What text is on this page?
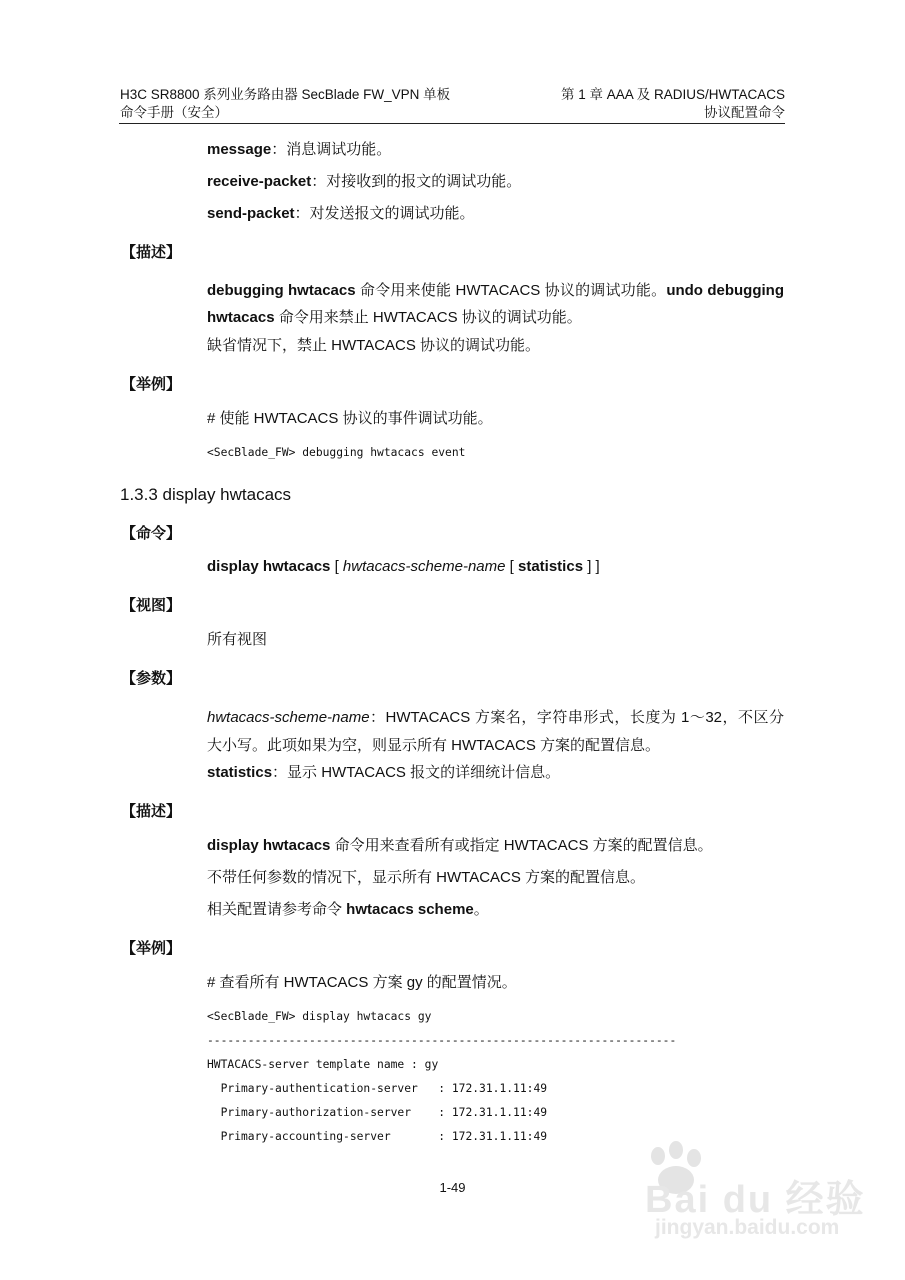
H3C SR8800 系列业务路由器 SecBlade FW_VPN 单板
命令手册（安全）
第 1 章 AAA 及 RADIUS/HWTACACS
协议配置命令
message：消息调试功能。
receive-packet：对接收到的报文的调试功能。
send-packet：对发送报文的调试功能。
【描述】
debugging hwtacacs 命令用来使能 HWTACACS 协议的调试功能。undo debugging hwtacacs 命令用来禁止 HWTACACS 协议的调试功能。
缺省情况下，禁止 HWTACACS 协议的调试功能。
【举例】
# 使能 HWTACACS 协议的事件调试功能。
<SecBlade_FW> debugging hwtacacs event
1.3.3 display hwtacacs
【命令】
display hwtacacs [ hwtacacs-scheme-name [ statistics ] ]
【视图】
所有视图
【参数】
hwtacacs-scheme-name：HWTACACS 方案名，字符串形式，长度为 1～32，不区分大小写。此项如果为空，则显示所有 HWTACACS 方案的配置信息。
statistics：显示 HWTACACS 报文的详细统计信息。
【描述】
display hwtacacs 命令用来查看所有或指定 HWTACACS 方案的配置信息。
不带任何参数的情况下，显示所有 HWTACACS 方案的配置信息。
相关配置请参考命令 hwtacacs scheme。
【举例】
# 查看所有 HWTACACS 方案 gy 的配置情况。
<SecBlade_FW> display hwtacacs gy
---------------------------------------------------------------------
HWTACACS-server template name : gy
Primary-authentication-server   : 172.31.1.11:49
Primary-authorization-server    : 172.31.1.11:49
Primary-accounting-server       : 172.31.1.11:49
1-49	Bai du 经验
jingyan.baidu.com
